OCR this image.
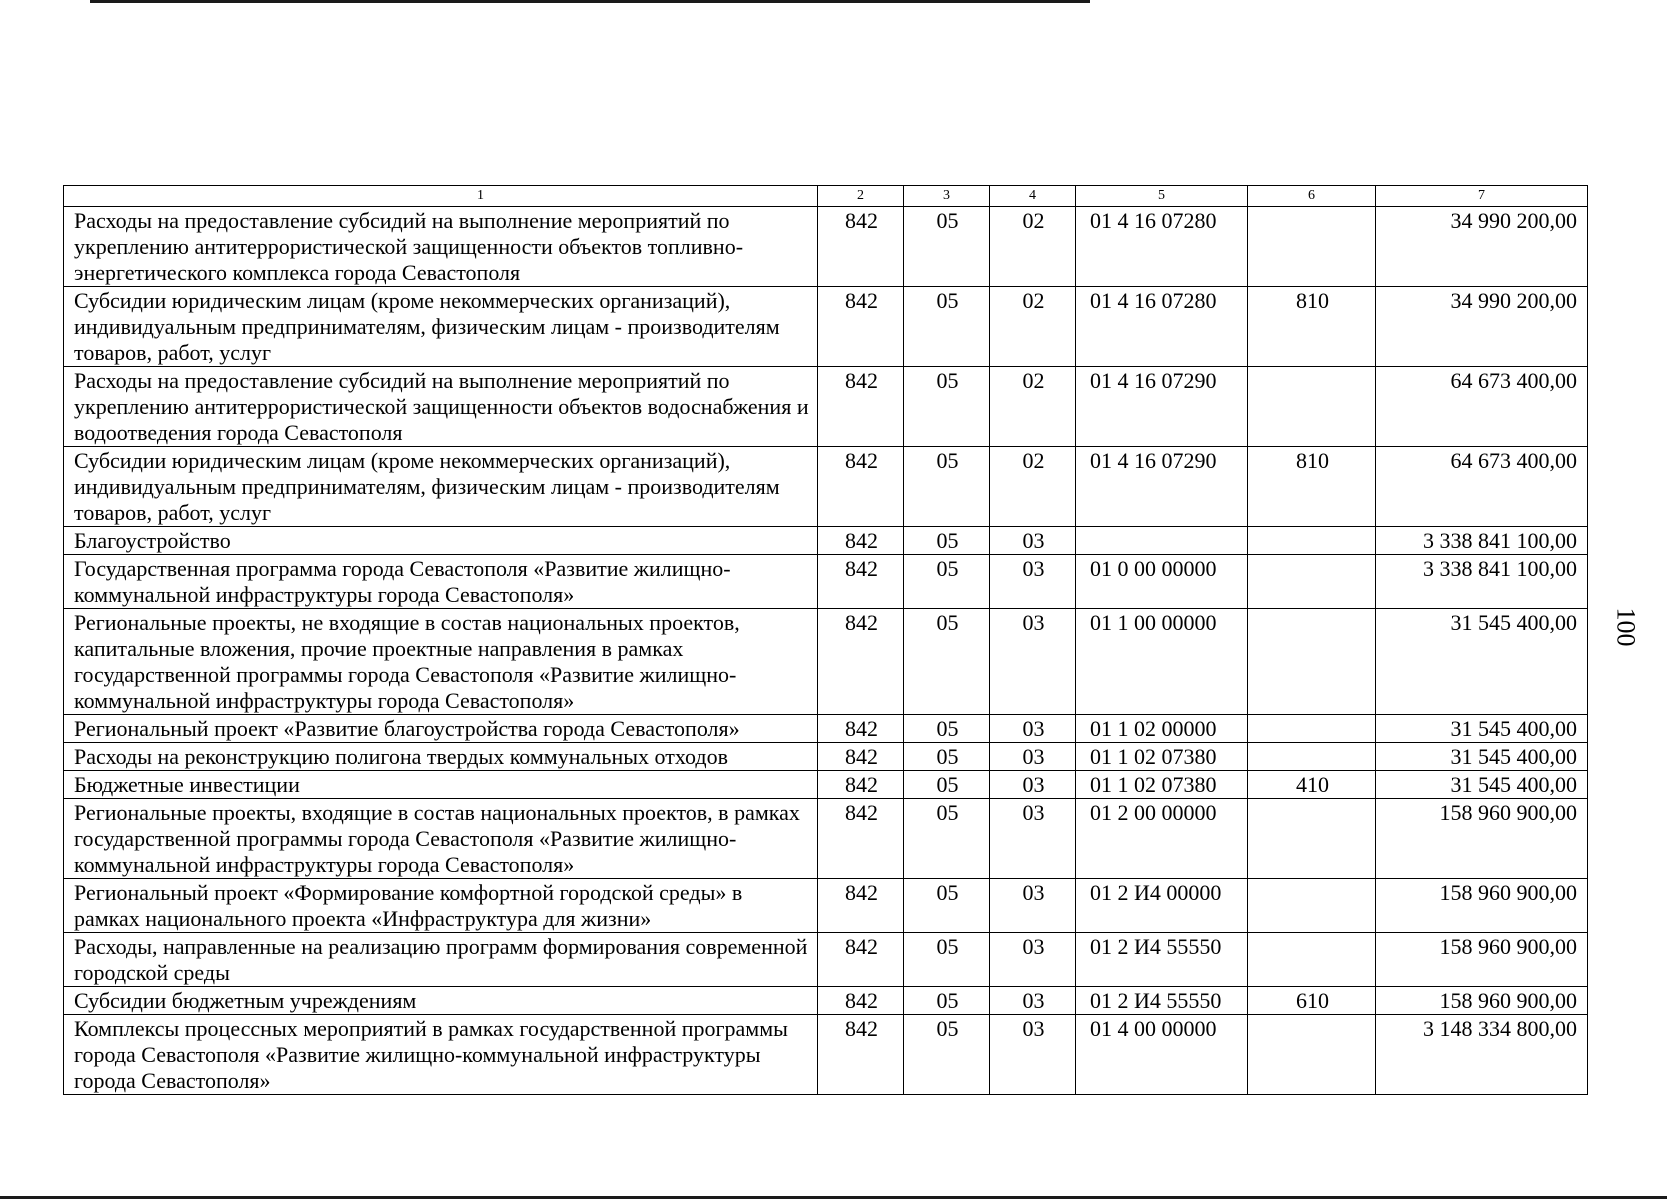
1	2	3	4	5	6	7
Расходы на предоставление субсидий на выполнение мероприятий по укреплению антитеррористической защищенности объектов топливно-энергетического комплекса города Севастополя	842	05	02	01 4 16 07280		34 990 200,00
Субсидии юридическим лицам (кроме некоммерческих организаций), индивидуальным предпринимателям, физическим лицам - производителям товаров, работ, услуг	842	05	02	01 4 16 07280	810	34 990 200,00
Расходы на предоставление субсидий на выполнение мероприятий по укреплению антитеррористической защищенности объектов водоснабжения и водоотведения города Севастополя	842	05	02	01 4 16 07290		64 673 400,00
Субсидии юридическим лицам (кроме некоммерческих организаций), индивидуальным предпринимателям, физическим лицам - производителям товаров, работ, услуг	842	05	02	01 4 16 07290	810	64 673 400,00
Благоустройство	842	05	03			3 338 841 100,00
Государственная программа города Севастополя «Развитие жилищно-коммунальной инфраструктуры города Севастополя»	842	05	03	01 0 00 00000		3 338 841 100,00
Региональные проекты, не входящие в состав национальных проектов, капитальные вложения, прочие проектные направления в рамках государственной программы города Севастополя «Развитие жилищно-коммунальной инфраструктуры города Севастополя»	842	05	03	01 1 00 00000		31 545 400,00
Региональный проект «Развитие благоустройства города Севастополя»	842	05	03	01 1 02 00000		31 545 400,00
Расходы на реконструкцию полигона твердых коммунальных отходов	842	05	03	01 1 02 07380		31 545 400,00
Бюджетные инвестиции	842	05	03	01 1 02 07380	410	31 545 400,00
Региональные проекты, входящие в состав национальных проектов, в рамках государственной программы города Севастополя «Развитие жилищно-коммунальной инфраструктуры города Севастополя»	842	05	03	01 2 00 00000		158 960 900,00
Региональный проект «Формирование комфортной городской среды» в рамках национального проекта «Инфраструктура для жизни»	842	05	03	01 2 И4 00000		158 960 900,00
Расходы, направленные на реализацию программ формирования современной городской среды	842	05	03	01 2 И4 55550		158 960 900,00
Субсидии бюджетным учреждениям	842	05	03	01 2 И4 55550	610	158 960 900,00
Комплексы процессных мероприятий в рамках государственной программы города Севастополя «Развитие жилищно-коммунальной инфраструктуры города Севастополя»	842	05	03	01 4 00 00000		3 148 334 800,00
100
